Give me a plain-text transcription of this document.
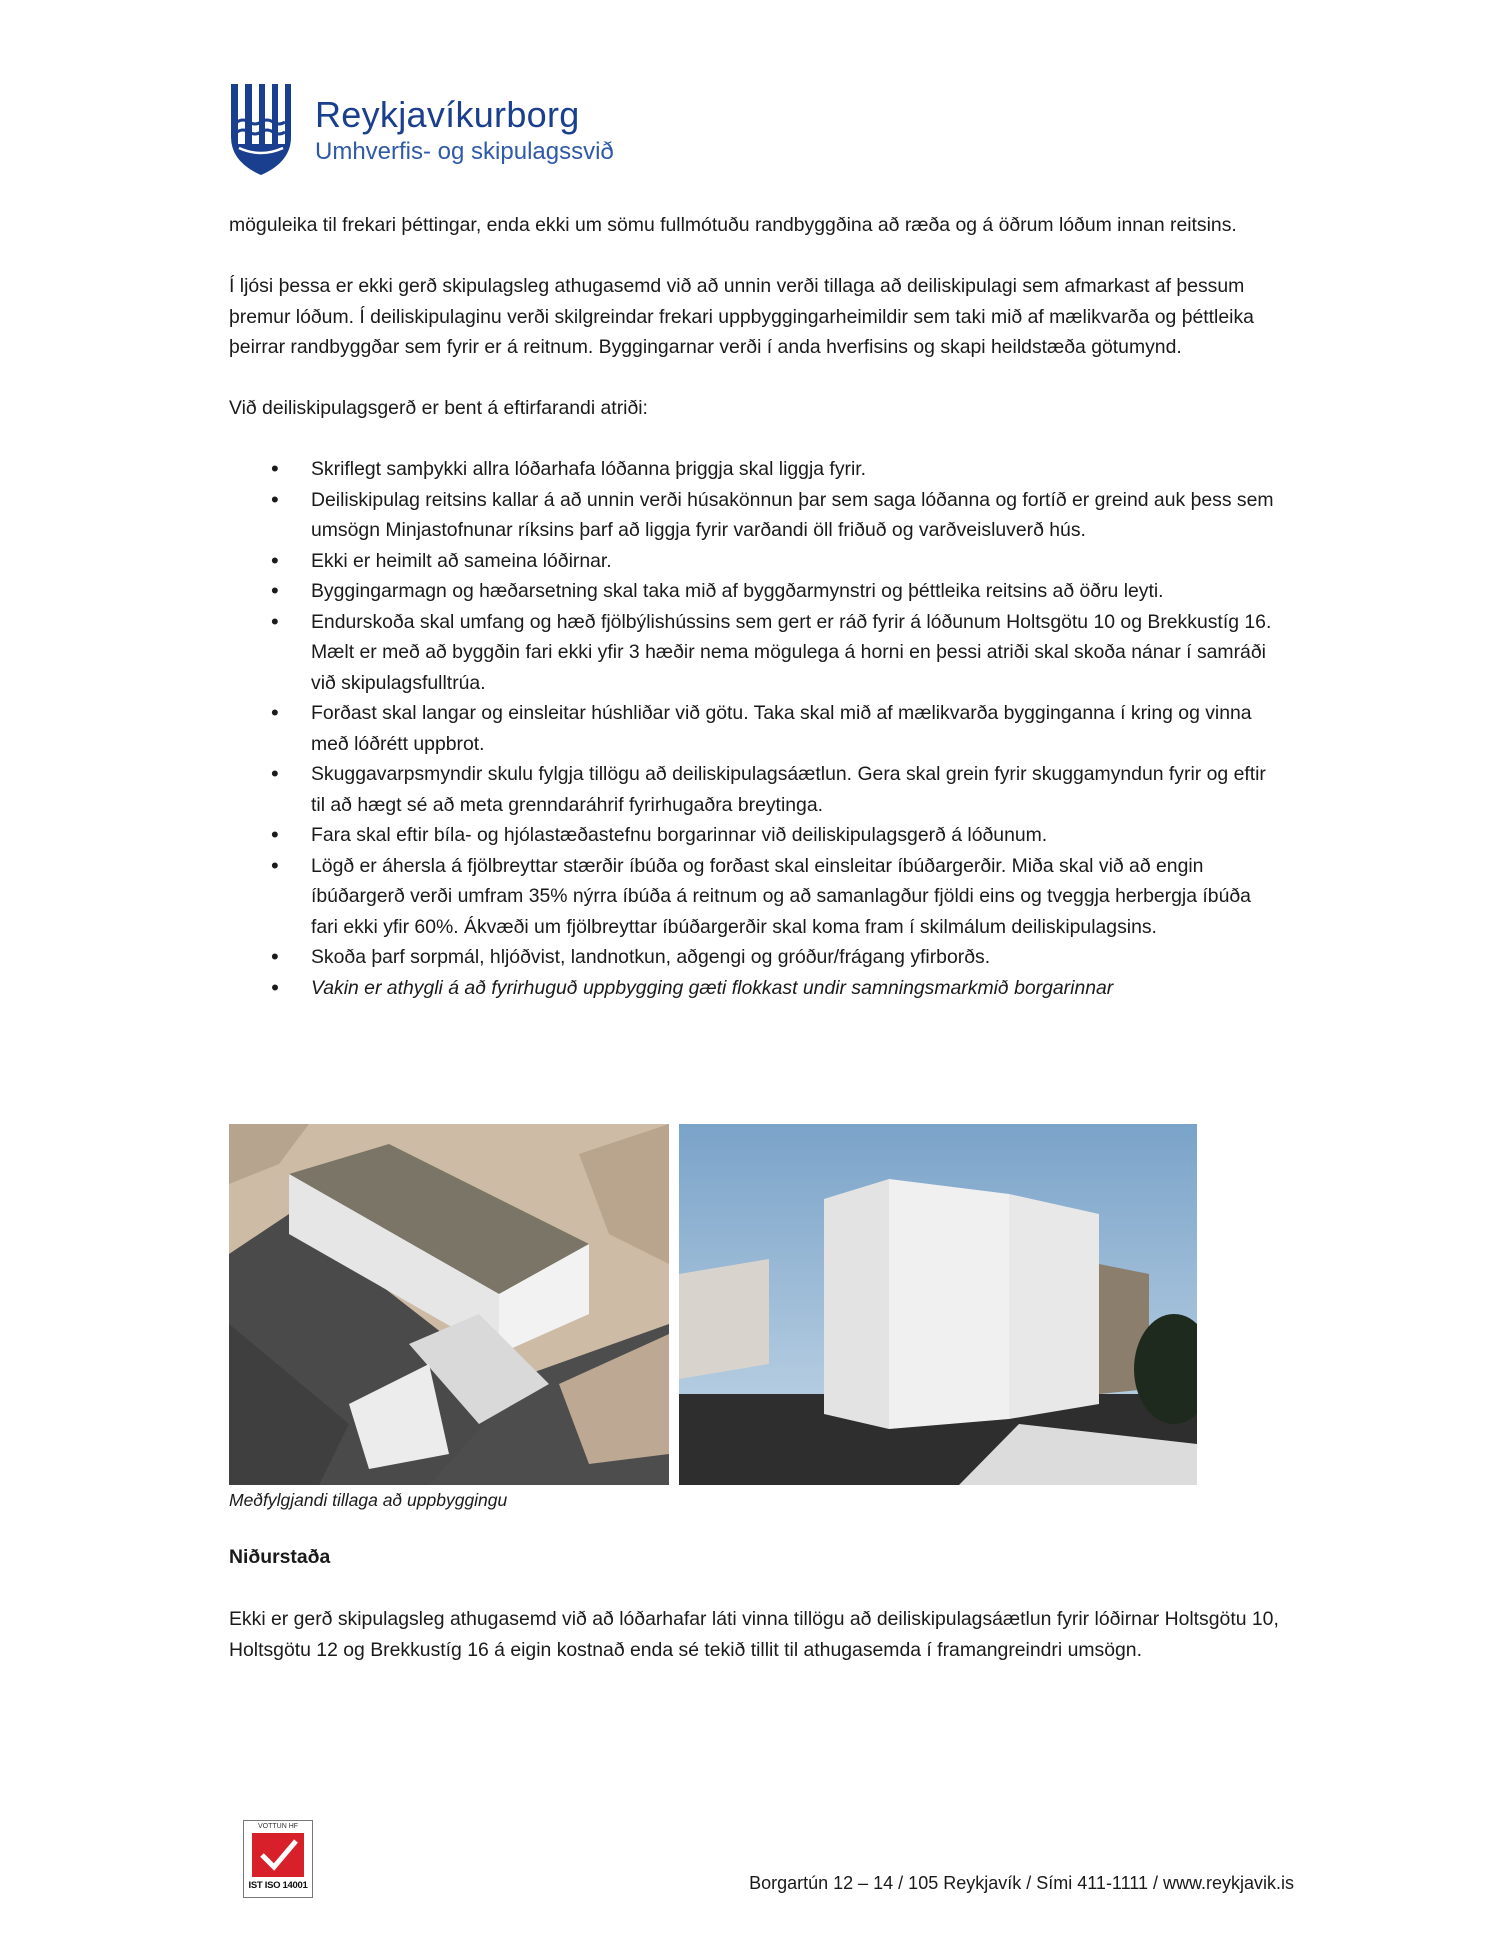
Reykjavíkurborg
Umhverfis- og skipulagssvið

möguleika til frekari þéttingar, enda ekki um sömu fullmótuðu randbyggðina að ræða og á öðrum lóðum innan reitsins.

Í ljósi þessa er ekki gerð skipulagsleg athugasemd við að unnin verði tillaga að deiliskipulagi sem afmarkast af þessum þremur lóðum. Í deiliskipulaginu verði skilgreindar frekari uppbyggingarheimildir sem taki mið af mælikvarða og þéttleika þeirrar randbyggðar sem fyrir er á reitnum. Byggingarnar verði í anda hverfisins og skapi heildstæða götumynd.

Við deiliskipulagsgerð er bent á eftirfarandi atriði:

• Skriflegt samþykki allra lóðarhafa lóðanna þriggja skal liggja fyrir.
• Deiliskipulag reitsins kallar á að unnin verði húsakönnun þar sem saga lóðanna og fortíð er greind auk þess sem umsögn Minjastofnunar ríksins þarf að liggja fyrir varðandi öll friðuð og varðveisluverð hús.
• Ekki er heimilt að sameina lóðirnar.
• Byggingarmagn og hæðarsetning skal taka mið af byggðarmynstri og þéttleika reitsins að öðru leyti.
• Endurskoða skal umfang og hæð fjölbýlishússins sem gert er ráð fyrir á lóðunum Holtsgötu 10 og Brekkustíg 16. Mælt er með að byggðin fari ekki yfir 3 hæðir nema mögulega á horni en þessi atriði skal skoða nánar í samráði við skipulagsfulltrúa.
• Forðast skal langar og einsleitar húshliðar við götu. Taka skal mið af mælikvarða bygginganna í kring og vinna með lóðrétt uppbrot.
• Skuggavarpsmyndir skulu fylgja tillögu að deiliskipulagsáætlun. Gera skal grein fyrir skuggamyndun fyrir og eftir til að hægt sé að meta grenndaráhrif fyrirhugaðra breytinga.
• Fara skal eftir bíla- og hjólastæðastefnu borgarinnar við deiliskipulagsgerð á lóðunum.
• Lögð er áhersla á fjölbreyttar stærðir íbúða og forðast skal einsleitar íbúðargerðir. Miða skal við að engin íbúðargerð verði umfram 35% nýrra íbúða á reitnum og að samanlagður fjöldi eins og tveggja herbergja íbúða fari ekki yfir 60%. Ákvæði um fjölbreyttar íbúðargerðir skal koma fram í skilmálum deiliskipulagsins.
• Skoða þarf sorpmál, hljóðvist, landnotkun, aðgengi og gróður/frágang yfirborðs.
• Vakin er athygli á að fyrirhuguð uppbygging gæti flokkast undir samningsmarkmið borgarinnar
Meðfylgjandi tillaga að uppbyggingu
Niðurstaða

Ekki er gerð skipulagsleg athugasemd við að lóðarhafar láti vinna tillögu að deiliskipulagsáætlun fyrir lóðirnar Holtsgötu 10, Holtsgötu 12 og Brekkustíg 16 á eigin kostnað enda sé tekið tillit til athugasemda í framangreindri umsögn.

VOTTUN HF
IST ISO 14001	Borgartún 12 – 14 / 105 Reykjavík / Sími 411-1111 / www.reykjavik.is
